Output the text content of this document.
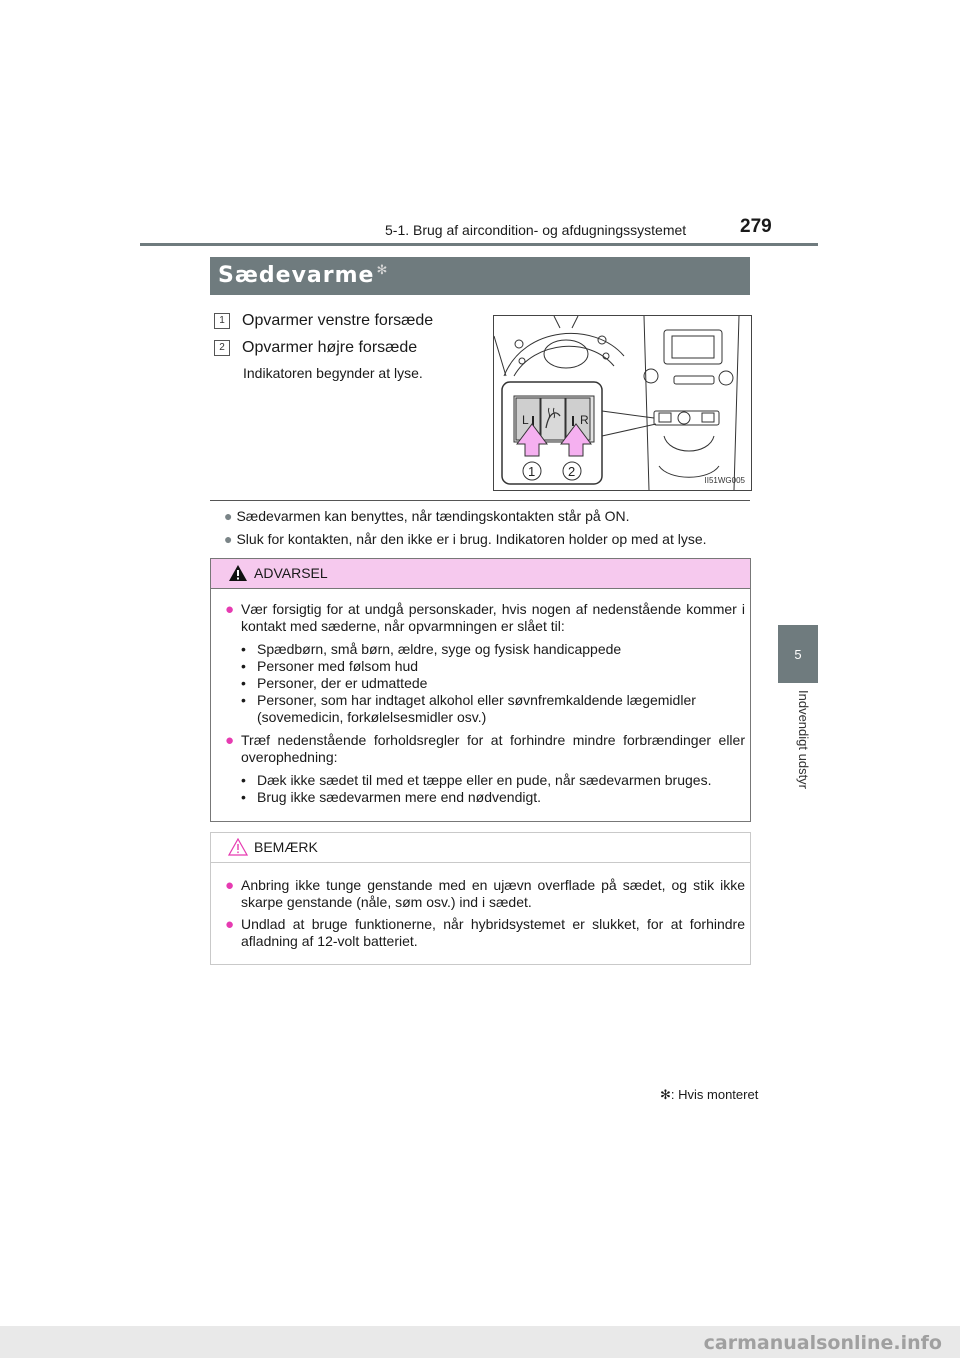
5-1. Brug af aircondition- og afdugningssystemet	279
5
Indvendigt udstyr
Sædevarme ✻
1 Opvarmer venstre forsæde
2 Opvarmer højre forsæde
Indikatoren begynder at lyse.
L	R
1	2
II51WG005
● Sædevarmen kan benyttes, når tændingskontakten står på ON.
● Sluk for kontakten, når den ikke er i brug. Indikatoren holder op med at lyse.
ADVARSEL
● Vær forsigtig for at undgå personskader, hvis nogen af nedenstående kommer i kontakt med sæderne, når opvarmningen er slået til:
• Spædbørn, små børn, ældre, syge og fysisk handicappede
• Personer med følsom hud
• Personer, der er udmattede
• Personer, som har indtaget alkohol eller søvnfremkaldende lægemidler (sovemedicin, forkølelsesmidler osv.)
● Træf nedenstående forholdsregler for at forhindre mindre forbrændinger eller overophedning:
• Dæk ikke sædet til med et tæppe eller en pude, når sædevarmen bruges.
• Brug ikke sædevarmen mere end nødvendigt.
BEMÆRK
● Anbring ikke tunge genstande med en ujævn overflade på sædet, og stik ikke skarpe genstande (nåle, søm osv.) ind i sædet.
● Undlad at bruge funktionerne, når hybridsystemet er slukket, for at forhindre afladning af 12-volt batteriet.
✻: Hvis monteret
carmanualsonline.info
